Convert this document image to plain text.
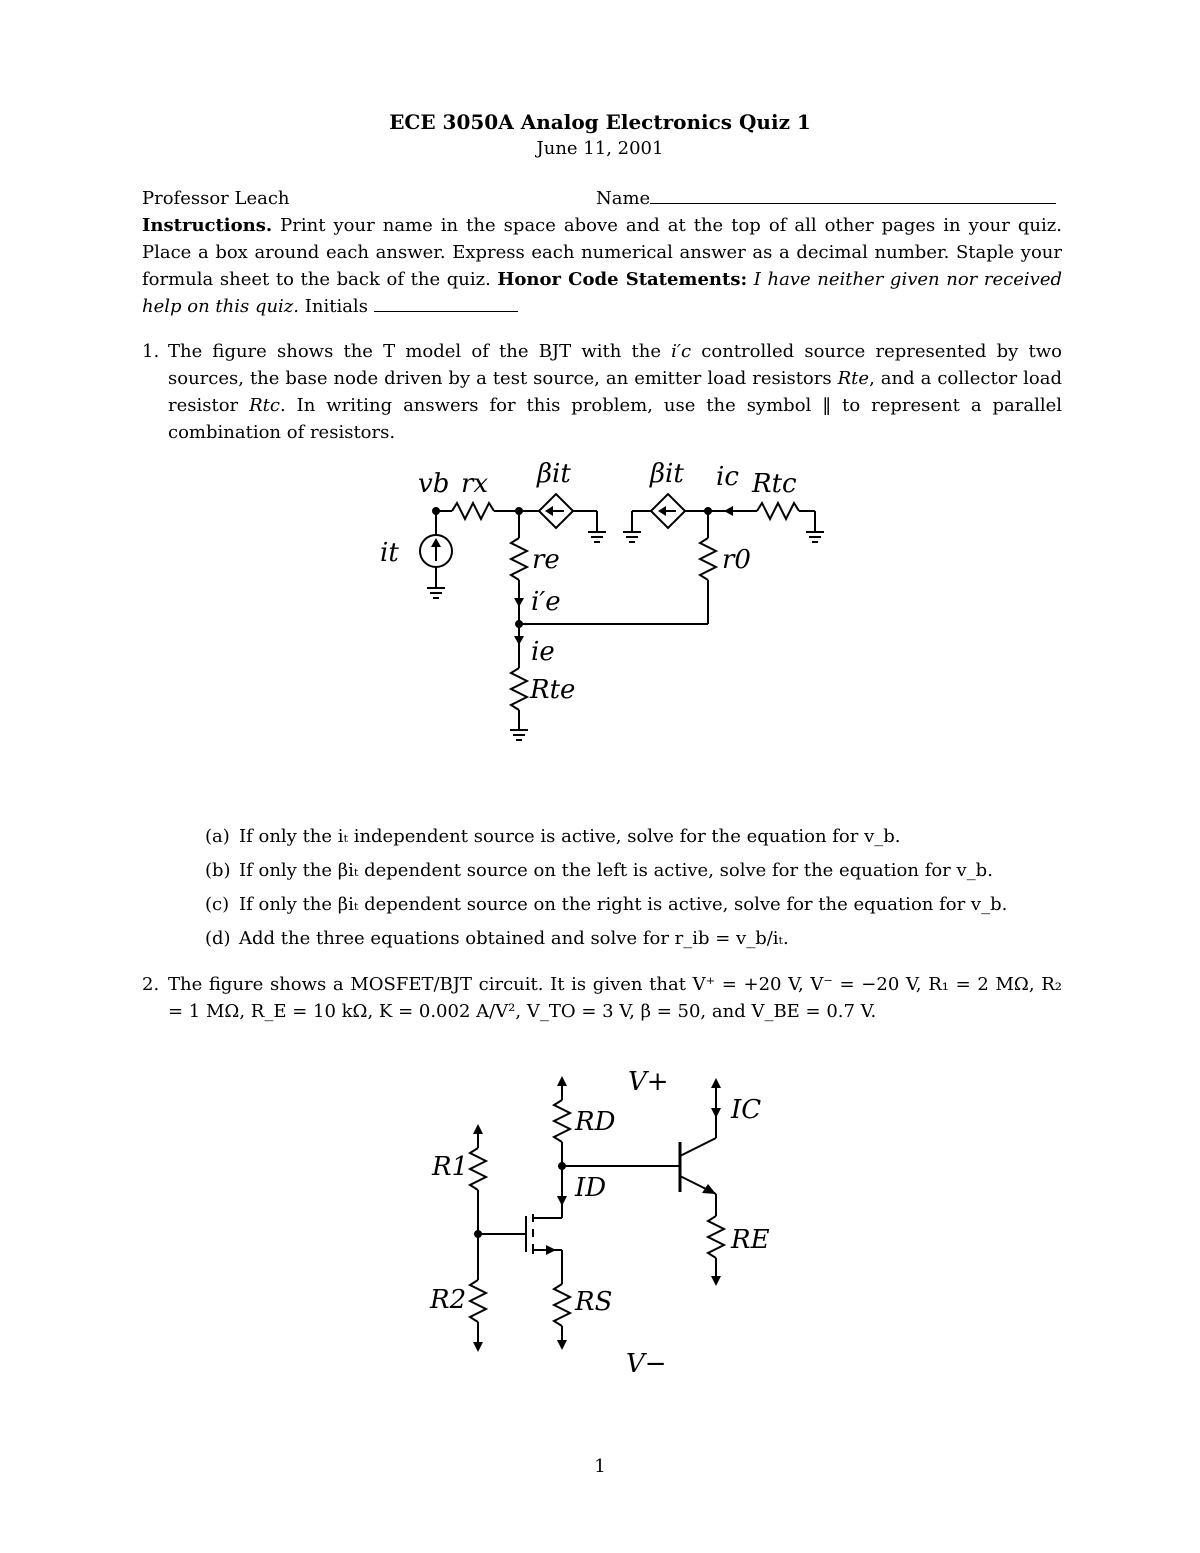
ECE 3050A Analog Electronics Quiz 1
June 11, 2001
Professor Leach	Name
Instructions. Print your name in the space above and at the top of all other pages in your quiz. Place a box around each answer. Express each numerical answer as a decimal number. Staple your formula sheet to the back of the quiz. Honor Code Statements: I have neither given nor received help on this quiz. Initials
1. The figure shows the T model of the BJT with the i′c controlled source represented by two sources, the base node driven by a test source, an emitter load resistors Rte, and a collector load resistor Rtc. In writing answers for this problem, use the symbol ‖ to represent a parallel combination of resistors.
vb rx βit	βit ic Rtc
it	re	r0
i′e
ie
Rte
(a) If only the iₜ independent source is active, solve for the equation for v_b.
(b) If only the βiₜ dependent source on the left is active, solve for the equation for v_b.
(c) If only the βiₜ dependent source on the right is active, solve for the equation for v_b.
(d) Add the three equations obtained and solve for r_ib = v_b/iₜ.
2. The figure shows a MOSFET/BJT circuit. It is given that V⁺ = +20 V, V⁻ = −20 V, R₁ = 2 MΩ, R₂ = 1 MΩ, R_E = 10 kΩ, K = 0.002 A/V², V_TO = 3 V, β = 50, and V_BE = 0.7 V.
V+
RD	IC
R1
ID
RE
R2	RS
V−
1
